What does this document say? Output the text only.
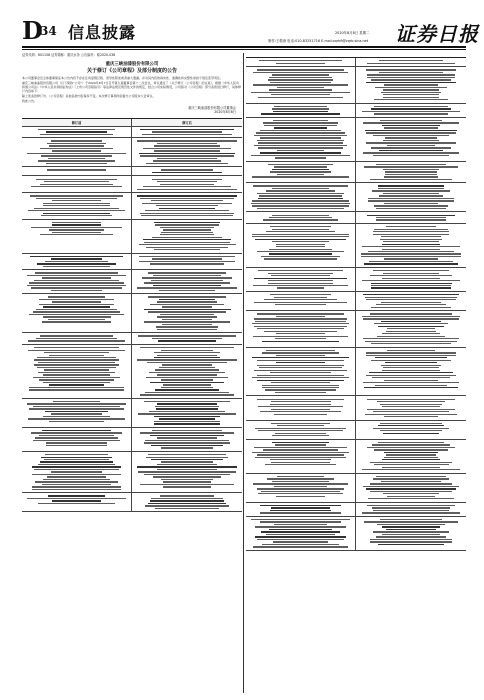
D
34 信息披露	2020年8月8日 星期二
制作:王敬涛 电话:010-83251716 E-mail:zqrb9@zqrb.sina.net 证券日报
证券代码：601158 证券简称：重庆水务 公告编号：临2020-038
重庆三峡油漆股份有限公司
关于修订《公司章程》及部分制度的公告
本公司董事会及全体董事保证本公告内容不存在任何虚假记载、误导性陈述或者重大遗漏，并对其内容的真实性、准确性和完整性承担个别及连带责任。
重庆三峡油漆股份有限公司（以下简称“公司”）于2020年8月7日召开第九届董事会第十二次会议，审议通过了《关于修订〈公司章程〉的议案》，根据《中华人民共和国公司法》《中华人民共和国证券法》《上市公司章程指引》等法律法规及规范性文件的规定，结合公司实际情况，公司拟对《公司章程》部分条款进行修订，具体修订内容如下：
除上述条款修订外，《公司章程》其他条款内容保持不变。本次修订事项尚需提交公司股东大会审议。
特此公告。
重庆三峡油漆股份有限公司董事会
2020年8月8日
修订前	修订后
